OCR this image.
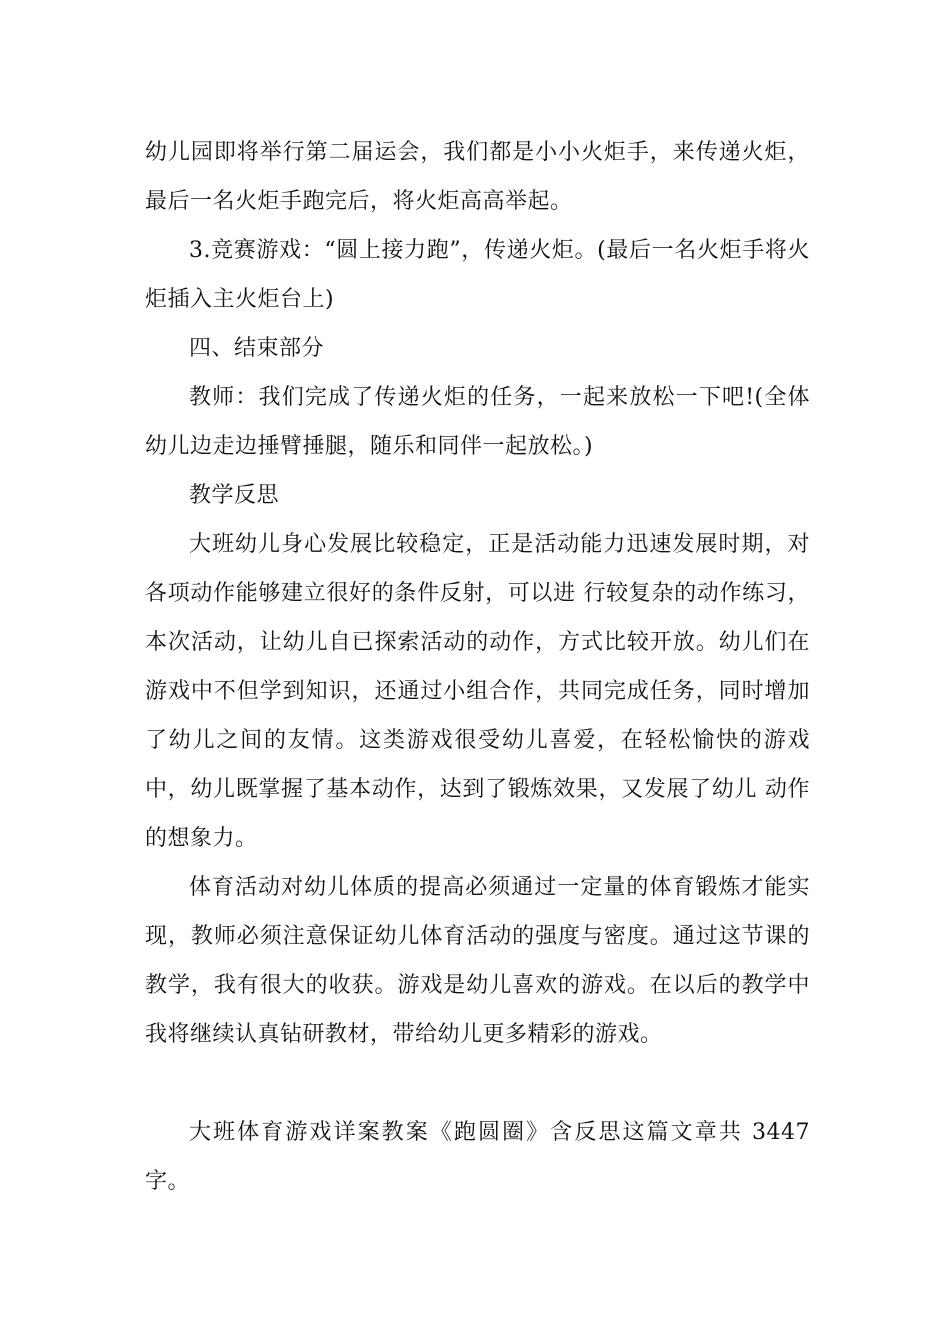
幼儿园即将举行第二届运会，我们都是小小火炬手，来传递火炬，最后一名火炬手跑完后，将火炬高高举起。

3.竞赛游戏：“圆上接力跑”，传递火炬。(最后一名火炬手将火炬插入主火炬台上)

四、结束部分

教师：我们完成了传递火炬的任务，一起来放松一下吧!(全体幼儿边走边捶臂捶腿，随乐和同伴一起放松。)

教学反思

大班幼儿身心发展比较稳定，正是活动能力迅速发展时期，对各项动作能够建立很好的条件反射，可以进 行较复杂的动作练习，本次活动，让幼儿自已探索活动的动作，方式比较开放。幼儿们在游戏中不但学到知识，还通过小组合作，共同完成任务，同时增加了幼儿之间的友情。这类游戏很受幼儿喜爱，在轻松愉快的游戏中，幼儿既掌握了基本动作，达到了锻炼效果，又发展了幼儿 动作的想象力。

体育活动对幼儿体质的提高必须通过一定量的体育锻炼才能实现，教师必须注意保证幼儿体育活动的强度与密度。通过这节课的教学，我有很大的收获。游戏是幼儿喜欢的游戏。在以后的教学中我将继续认真钻研教材，带给幼儿更多精彩的游戏。

大班体育游戏详案教案《跑圆圈》含反思这篇文章共 3447 字。
